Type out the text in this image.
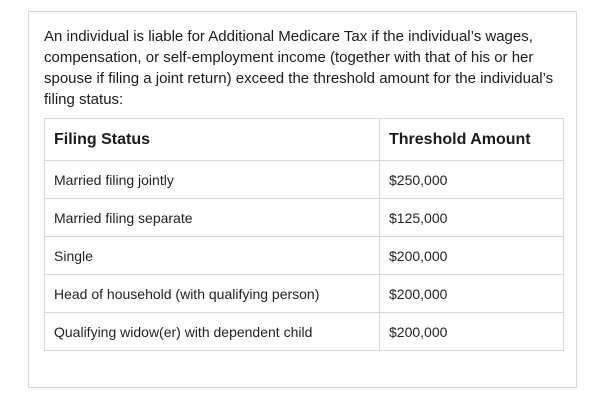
An individual is liable for Additional Medicare Tax if the individual’s wages, compensation, or self-employment income (together with that of his or her spouse if filing a joint return) exceed the threshold amount for the individual’s filing status:

Filing Status	Threshold Amount
Married filing jointly	$250,000
Married filing separate	$125,000
Single	$200,000
Head of household (with qualifying person)	$200,000
Qualifying widow(er) with dependent child	$200,000
